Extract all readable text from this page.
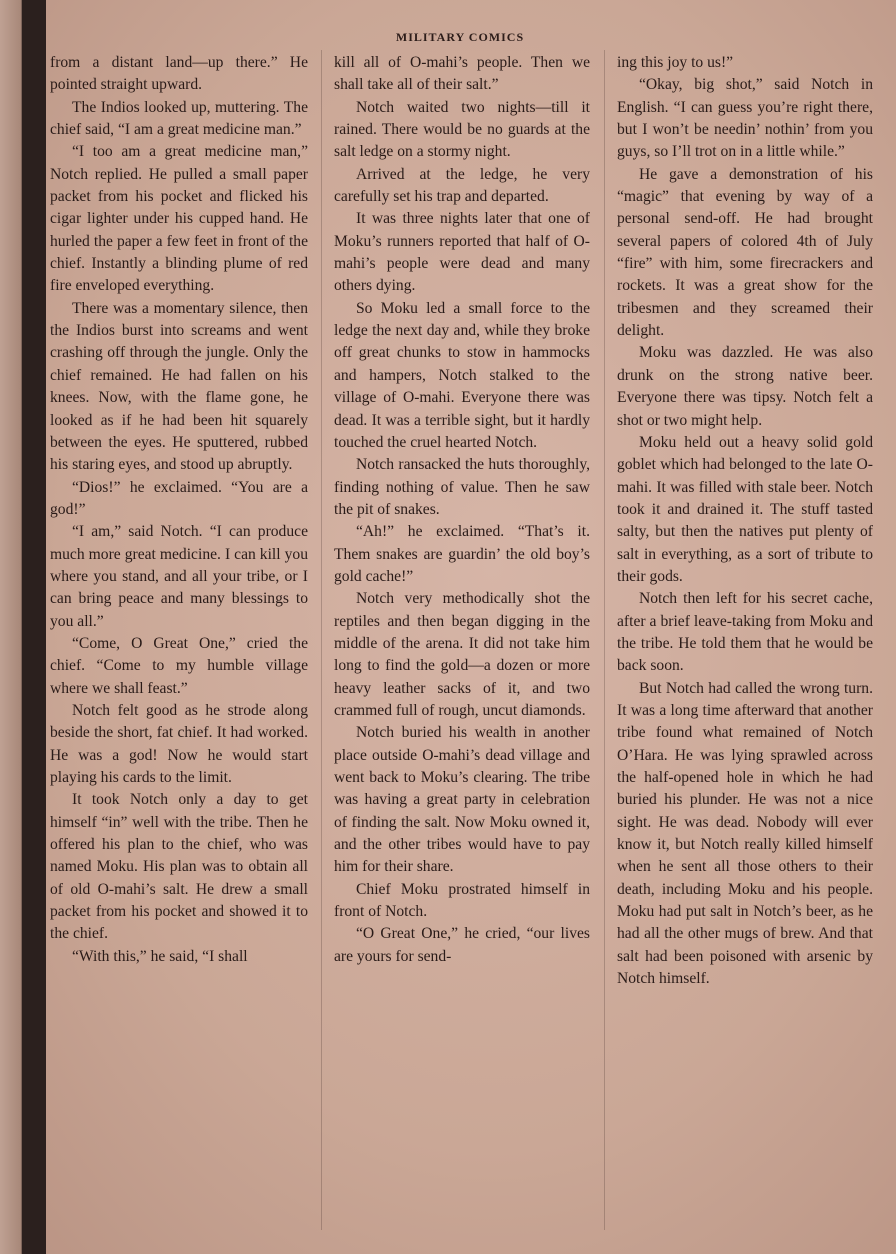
MILITARY COMICS

from a distant land—up there.” He pointed straight upward.

The Indios looked up, muttering. The chief said, “I am a great medicine man.”

“I too am a great medicine man,” Notch replied. He pulled a small paper packet from his pocket and flicked his cigar lighter under his cupped hand. He hurled the paper a few feet in front of the chief. Instantly a blinding plume of red fire enveloped everything.

There was a momentary silence, then the Indios burst into screams and went crashing off through the jungle. Only the chief remained. He had fallen on his knees. Now, with the flame gone, he looked as if he had been hit squarely between the eyes. He sputtered, rubbed his staring eyes, and stood up abruptly.

“Dios!” he exclaimed. “You are a god!”

“I am,” said Notch. “I can produce much more great medicine. I can kill you where you stand, and all your tribe, or I can bring peace and many blessings to you all.”

“Come, O Great One,” cried the chief. “Come to my humble village where we shall feast.”

Notch felt good as he strode along beside the short, fat chief. It had worked. He was a god! Now he would start playing his cards to the limit.

It took Notch only a day to get himself “in” well with the tribe. Then he offered his plan to the chief, who was named Moku. His plan was to obtain all of old O-mahi’s salt. He drew a small packet from his pocket and showed it to the chief.

“With this,” he said, “I shall

kill all of O-mahi’s people. Then we shall take all of their salt.”

Notch waited two nights—till it rained. There would be no guards at the salt ledge on a stormy night.

Arrived at the ledge, he very carefully set his trap and departed.

It was three nights later that one of Moku’s runners reported that half of O-mahi’s people were dead and many others dying.

So Moku led a small force to the ledge the next day and, while they broke off great chunks to stow in hammocks and hampers, Notch stalked to the village of O-mahi. Everyone there was dead. It was a terrible sight, but it hardly touched the cruel hearted Notch.

Notch ransacked the huts thoroughly, finding nothing of value. Then he saw the pit of snakes.

“Ah!” he exclaimed. “That’s it. Them snakes are guardin’ the old boy’s gold cache!”

Notch very methodically shot the reptiles and then began digging in the middle of the arena. It did not take him long to find the gold—a dozen or more heavy leather sacks of it, and two crammed full of rough, uncut diamonds.

Notch buried his wealth in another place outside O-mahi’s dead village and went back to Moku’s clearing. The tribe was having a great party in celebration of finding the salt. Now Moku owned it, and the other tribes would have to pay him for their share.

Chief Moku prostrated himself in front of Notch.

“O Great One,” he cried, “our lives are yours for send-

ing this joy to us!”

“Okay, big shot,” said Notch in English. “I can guess you’re right there, but I won’t be needin’ nothin’ from you guys, so I’ll trot on in a little while.”

He gave a demonstration of his “magic” that evening by way of a personal send-off. He had brought several papers of colored 4th of July “fire” with him, some firecrackers and rockets. It was a great show for the tribesmen and they screamed their delight.

Moku was dazzled. He was also drunk on the strong native beer. Everyone there was tipsy. Notch felt a shot or two might help.

Moku held out a heavy solid gold goblet which had belonged to the late O-mahi. It was filled with stale beer. Notch took it and drained it. The stuff tasted salty, but then the natives put plenty of salt in everything, as a sort of tribute to their gods.

Notch then left for his secret cache, after a brief leave-taking from Moku and the tribe. He told them that he would be back soon.

But Notch had called the wrong turn. It was a long time afterward that another tribe found what remained of Notch O’Hara. He was lying sprawled across the half-opened hole in which he had buried his plunder. He was not a nice sight. He was dead. Nobody will ever know it, but Notch really killed himself when he sent all those others to their death, including Moku and his people. Moku had put salt in Notch’s beer, as he had all the other mugs of brew. And that salt had been poisoned with arsenic by Notch himself.
